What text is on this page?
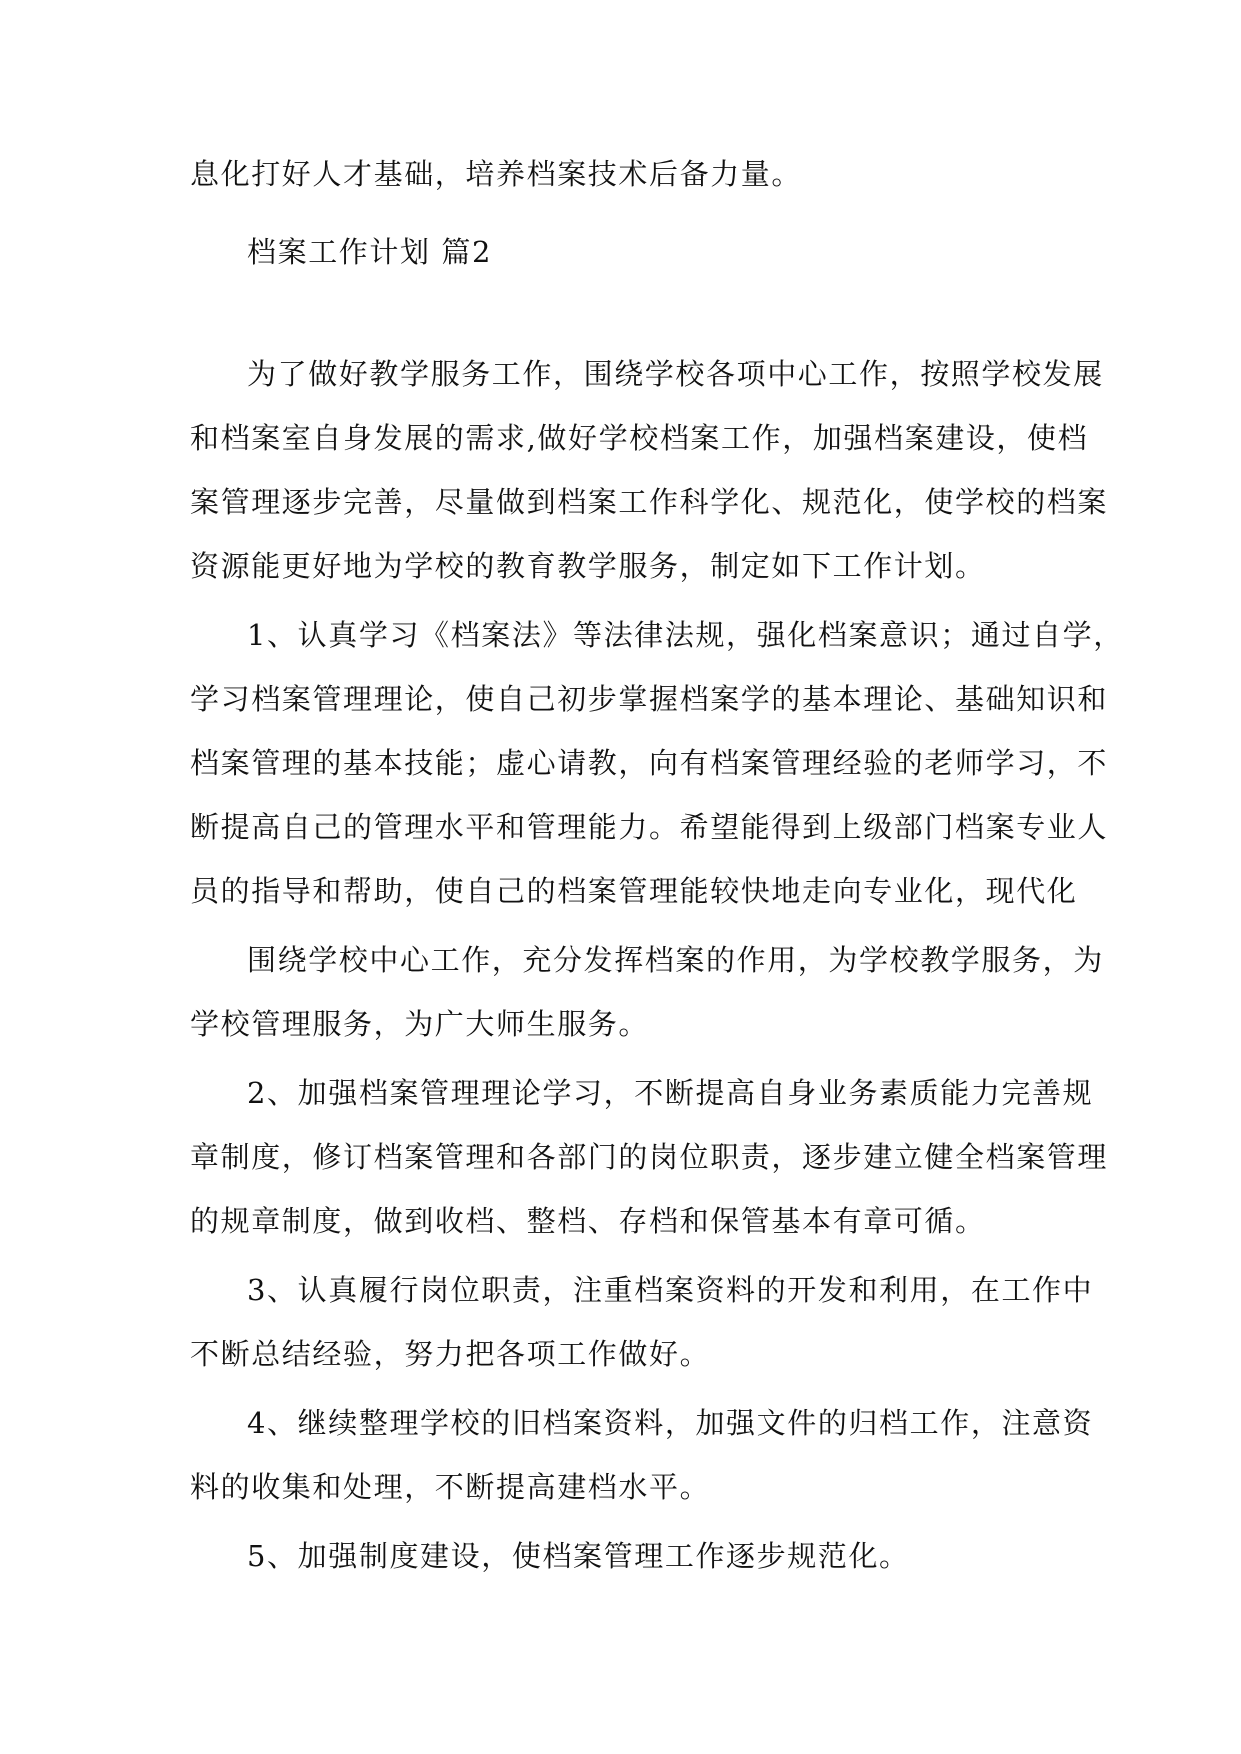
息化打好人才基础，培养档案技术后备力量。
档案工作计划 篇2
为了做好教学服务工作，围绕学校各项中心工作，按照学校发展
和档案室自身发展的需求,做好学校档案工作，加强档案建设，使档
案管理逐步完善，尽量做到档案工作科学化、规范化，使学校的档案
资源能更好地为学校的教育教学服务，制定如下工作计划。
1、认真学习《档案法》等法律法规，强化档案意识；通过自学，
学习档案管理理论，使自己初步掌握档案学的基本理论、基础知识和
档案管理的基本技能；虚心请教，向有档案管理经验的老师学习，不
断提高自己的管理水平和管理能力。希望能得到上级部门档案专业人
员的指导和帮助，使自己的档案管理能较快地走向专业化，现代化
围绕学校中心工作，充分发挥档案的作用，为学校教学服务，为
学校管理服务，为广大师生服务。
2、加强档案管理理论学习，不断提高自身业务素质能力完善规
章制度，修订档案管理和各部门的岗位职责，逐步建立健全档案管理
的规章制度，做到收档、整档、存档和保管基本有章可循。
3、认真履行岗位职责，注重档案资料的开发和利用，在工作中
不断总结经验，努力把各项工作做好。
4、继续整理学校的旧档案资料，加强文件的归档工作，注意资
料的收集和处理，不断提高建档水平。
5、加强制度建设，使档案管理工作逐步规范化。
